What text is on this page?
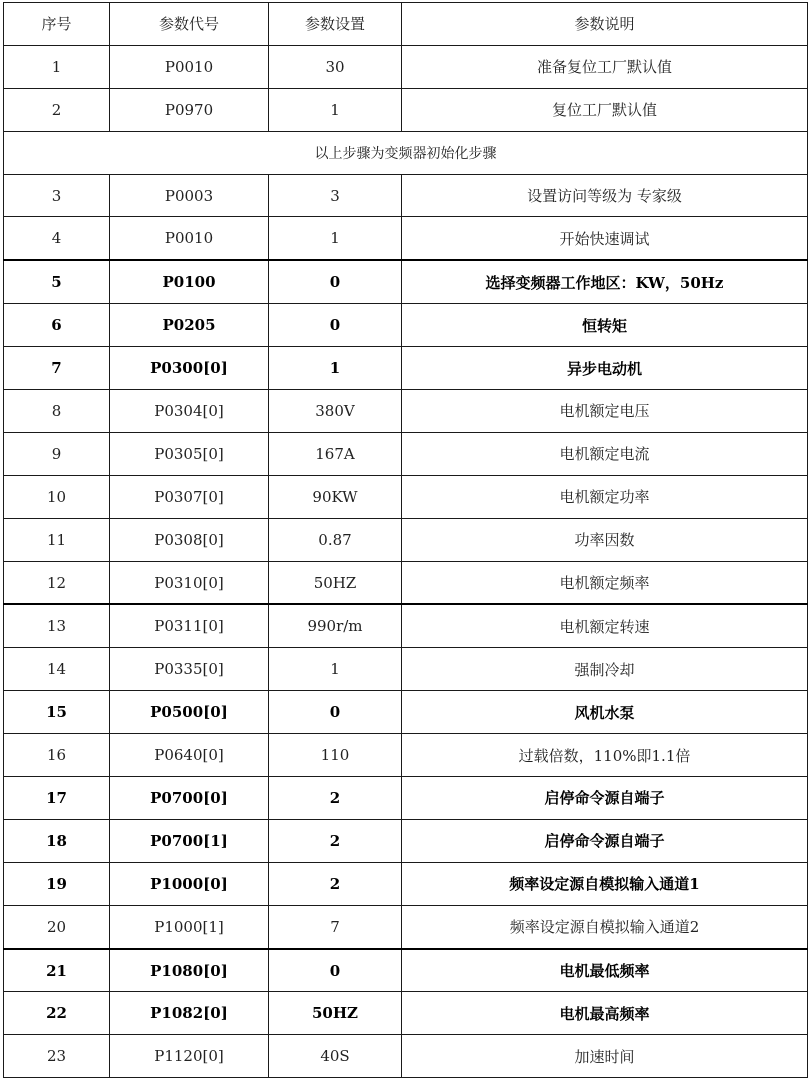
序号	参数代号	参数设置	参数说明
1	P0010	30	准备复位工厂默认值
2	P0970	1	复位工厂默认值
以上步骤为变频器初始化步骤			
3	P0003	3	设置访问等级为 专家级
4	P0010	1	开始快速调试
5	P0100	0	选择变频器工作地区：KW，50Hz
6	P0205	0	恒转矩
7	P0300[0]	1	异步电动机
8	P0304[0]	380V	电机额定电压
9	P0305[0]	167A	电机额定电流
10	P0307[0]	90KW	电机额定功率
11	P0308[0]	0.87	功率因数
12	P0310[0]	50HZ	电机额定频率
13	P0311[0]	990r/m	电机额定转速
14	P0335[0]	1	强制冷却
15	P0500[0]	0	风机水泵
16	P0640[0]	110	过载倍数，110%即1.1倍
17	P0700[0]	2	启停命令源自端子
18	P0700[1]	2	启停命令源自端子
19	P1000[0]	2	频率设定源自模拟输入通道1
20	P1000[1]	7	频率设定源自模拟输入通道2
21	P1080[0]	0	电机最低频率
22	P1082[0]	50HZ	电机最高频率
23	P1120[0]	40S	加速时间
